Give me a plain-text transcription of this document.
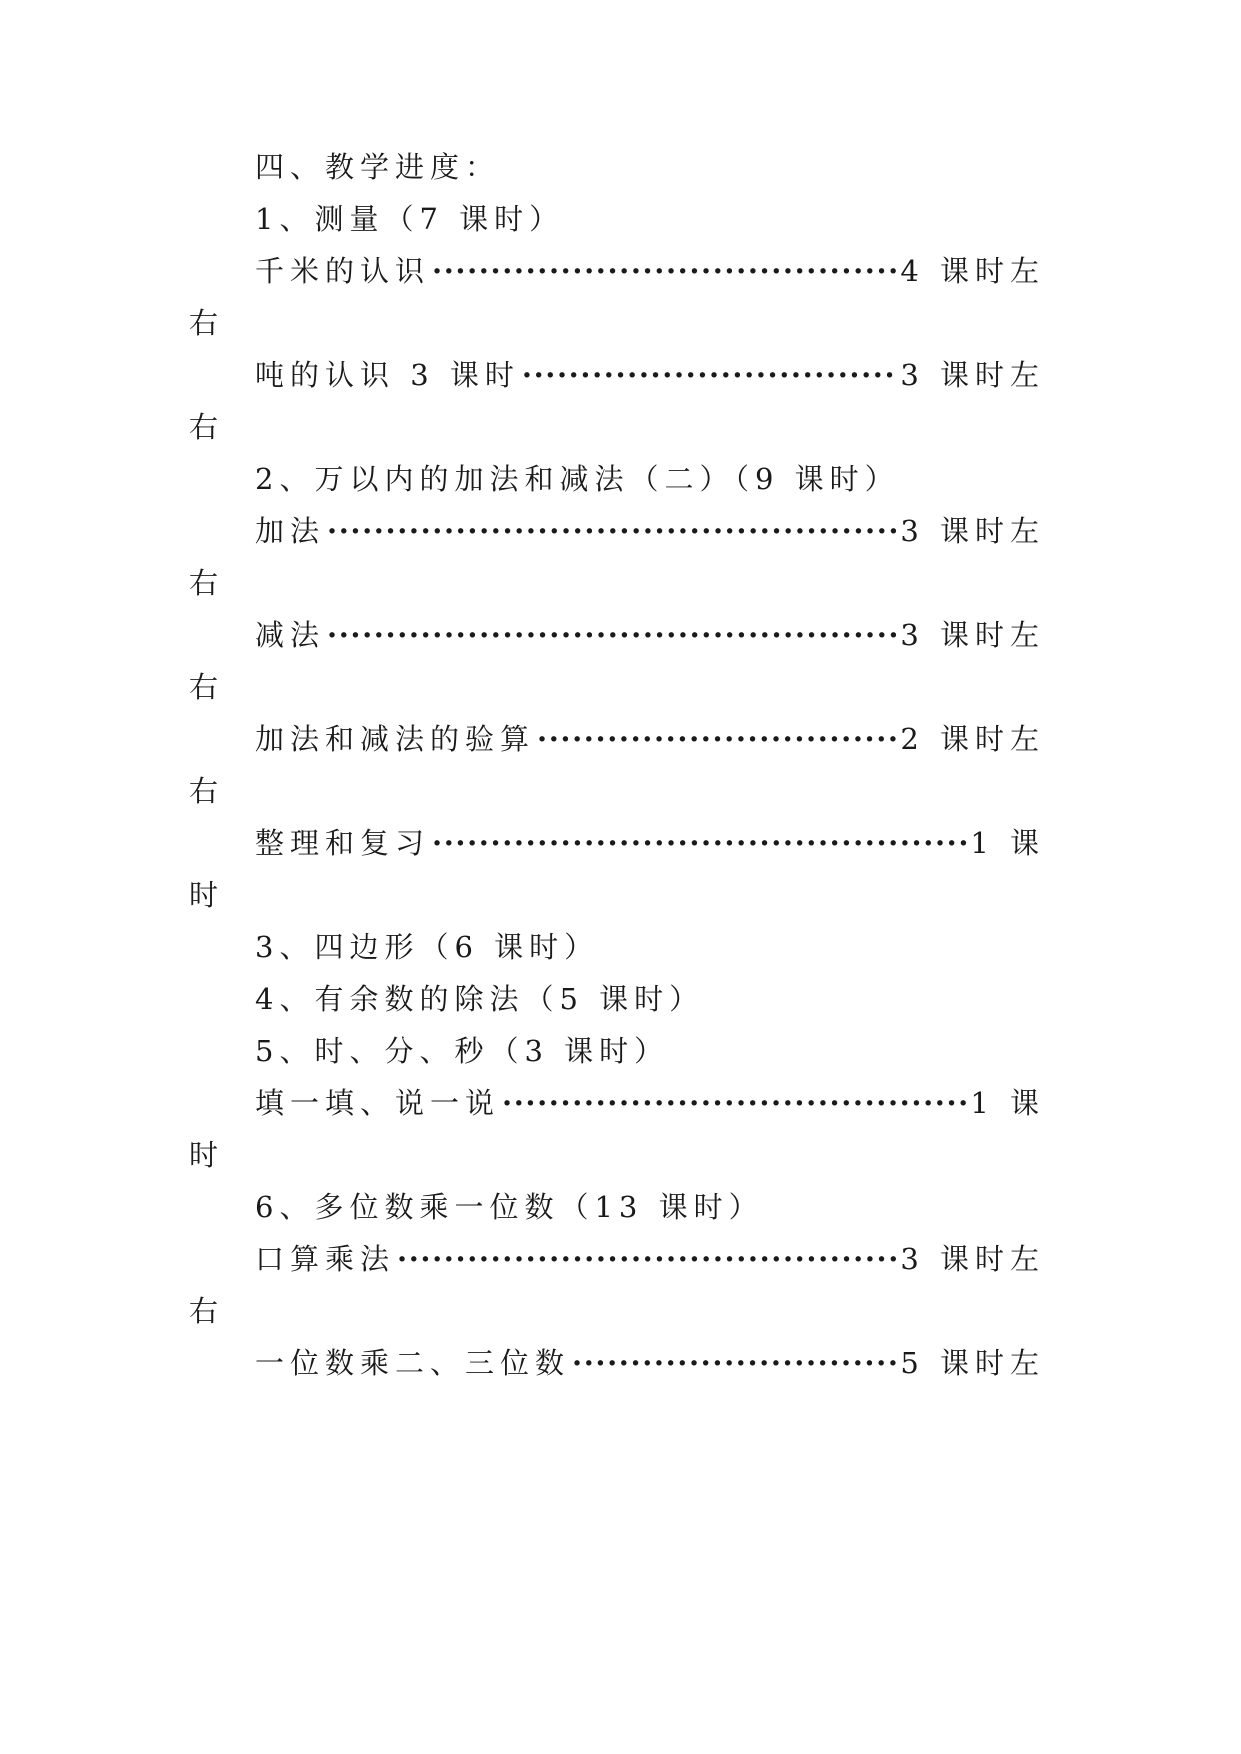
四、教学进度：
1、测量（7 课时）
千米的认识 ·····	4 课时左
右
吨的认识 3 课时 ·····	3 课时左
右
2、万以内的加法和减法（二）（9 课时）
加法 ·····	3 课时左
右
减法 ·····	3 课时左
右
加法和减法的验算 ·····	2 课时左
右
整理和复习 ·····	1 课
时
3、四边形（6 课时）
4、有余数的除法（5 课时）
5、时、分、秒（3 课时）
填一填、说一说 ·····	1 课
时
6、多位数乘一位数（13 课时）
口算乘法 ·····	3 课时左
右
一位数乘二、三位数 ·····	5 课时左
